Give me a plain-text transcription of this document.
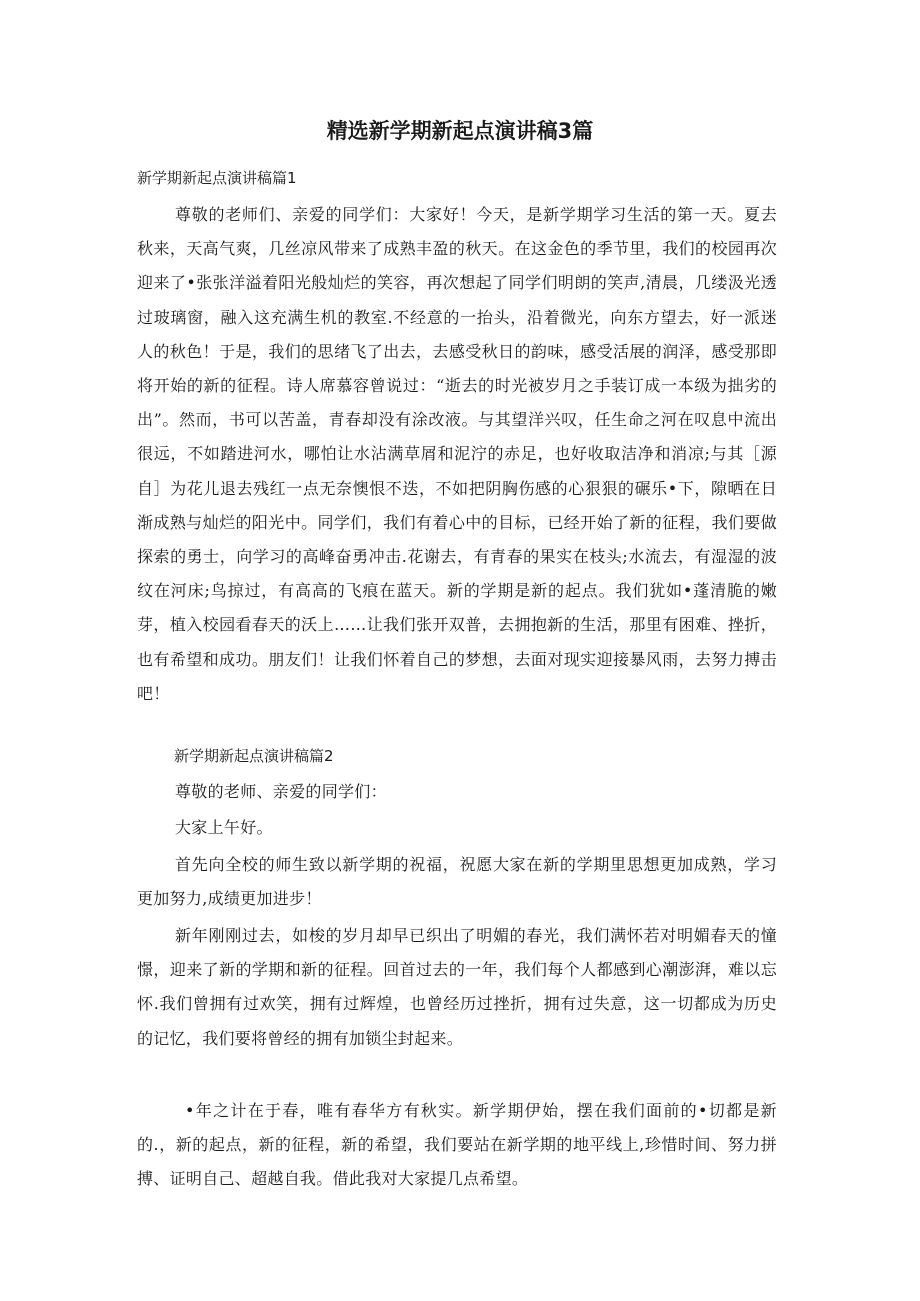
精选新学期新起点演讲稿3篇

新学期新起点演讲稿篇1

尊敬的老师们、亲爱的同学们：大家好！今天，是新学期学习生活的第一天。夏去秋来，天高气爽，几丝凉风带来了成熟丰盈的秋天。在这金色的季节里，我们的校园再次迎来了•张张洋溢着阳光般灿烂的笑容，再次想起了同学们明朗的笑声,清晨，几缕汲光透过玻璃窗，融入这充满生机的教室.不经意的一抬头，沿着微光，向东方望去，好一派迷人的秋色！于是，我们的思绪飞了出去，去感受秋日的韵味，感受活展的润泽，感受那即将开始的新的征程。诗人席慕容曾说过：“逝去的时光被岁月之手装订成一本级为拙劣的出”。然而，书可以苦盖，青春却没有涂改液。与其望洋兴叹，任生命之河在叹息中流出很远，不如踏进河水，哪怕让水沾满草屑和泥泞的赤足，也好收取洁净和消凉;与其［源自］为花儿退去残红一点无奈懊恨不迭，不如把阴胸伤感的心狠狠的碾乐•下，隙晒在日渐成熟与灿烂的阳光中。同学们，我们有着心中的目标，已经开始了新的征程，我们要做探索的勇士，向学习的高峰奋勇冲击.花谢去，有青春的果实在枝头;水流去，有湿湿的波纹在河床;鸟掠过，有高高的飞痕在蓝天。新的学期是新的起点。我们犹如•蓬清脆的嫩芽，植入校园看春天的沃上……让我们张开双普，去拥抱新的生活，那里有困难、挫折，也有希望和成功。朋友们！让我们怀着自己的梦想，去面对现实迎接暴风雨，去努力搏击吧！

新学期新起点演讲稿篇2

尊敬的老师、亲爱的同学们：

大家上午好。

首先向全校的师生致以新学期的祝福，祝愿大家在新的学期里思想更加成熟，学习更加努力,成绩更加进步！

新年刚刚过去，如梭的岁月却早已织出了明媚的春光，我们满怀若对明媚春天的憧憬，迎来了新的学期和新的征程。回首过去的一年，我们每个人都感到心潮澎湃，难以忘怀.我们曾拥有过欢笑，拥有过辉煌，也曾经历过挫折，拥有过失意，这一切都成为历史的记忆，我们要将曾经的拥有加锁尘封起来。

•年之计在于春，唯有春华方有秋实。新学期伊始，摆在我们面前的•切都是新的.，新的起点，新的征程，新的希望，我们要站在新学期的地平线上,珍惜时间、努力拼搏、证明自己、超越自我。借此我对大家提几点希望。
